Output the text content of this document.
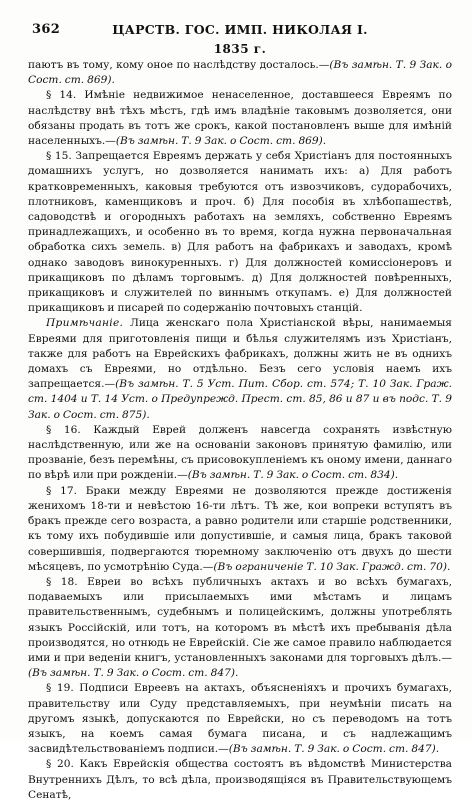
362	ЦАРСТВ. ГОС. ИМП. НИКОЛАЯ I.
1835 г.

паютъ въ тому, кому оное по наслѣдству досталось.—(Въ замѣн. Т. 9 Зак. о Сост. ст. 869).

§ 14. Имѣніе недвижимое ненаселенное, доставшееся Евреямъ по наслѣдству внѣ тѣхъ мѣстъ, гдѣ имъ владѣніе таковымъ дозволяется, они обязаны продать въ тотъ же срокъ, какой постановленъ выше для имѣній населенныхъ.—(Въ замѣн. Т. 9 Зак. о Сост. ст. 869).

§ 15. Запрещается Евреямъ держать у себя Христіанъ для постоянныхъ домашнихъ услугъ, но дозволяется нанимать ихъ: а) Для работъ кратковременныхъ, каковыя требуются отъ извозчиковъ, судорабочихъ, плотниковъ, каменщиковъ и проч. б) Для пособія въ хлѣбопашествѣ, садоводствѣ и огородныхъ работахъ на земляхъ, собственно Евреямъ принадлежащихъ, и особенно въ то время, когда нужна первоначальная обработка сихъ земель. в) Для работъ на фабрикахъ и заводахъ, кромѣ однако заводовъ винокуренныхъ. г) Для должностей комиссіонеровъ и прикащиковъ по дѣламъ торговымъ. д) Для должностей повѣренныхъ, прикащиковъ и служителей по виннымъ откупамъ. е) Для должностей прикащиковъ и писарей по содержанію почтовыхъ станцій.

Примѣчаніе. Лица женскаго пола Христіанской вѣры, нанимаемыя Евреями для приготовленія пищи и бѣлья служителямъ изъ Христіанъ, также для работъ на Еврейскихъ фабрикахъ, должны жить не въ однихъ домахъ съ Евреями, но отдѣльно. Безъ сего условія наемъ ихъ запрещается.—(Въ замѣн. Т. 5 Уст. Пит. Сбор. ст. 574; Т. 10 Зак. Граж. ст. 1404 и Т. 14 Уст. о Предупрежд. Прест. ст. 85, 86 и 87 и въ подс. Т. 9 Зак. о Сост. ст. 875).

§ 16. Каждый Еврей долженъ навсегда сохранять извѣстную наслѣдственную, или же на основаніи законовъ принятую фамилію, или прозваніе, безъ перемѣны, съ присовокупленіемъ къ оному имени, даннаго по вѣрѣ или при рожденіи.—(Въ замѣн. Т. 9 Зак. о Сост. ст. 834).

§ 17. Браки между Евреями не дозволяются прежде достиженія женихомъ 18-ти и невѣстою 16-ти лѣтъ. Тѣ же, кои вопреки вступятъ въ бракъ прежде сего возраста, а равно родители или старшіе родственники, къ тому ихъ побудившіе или допустившіе, и самыя лица, бракъ таковой совершившія, подвергаются тюремному заключенію отъ двухъ до шести мѣсяцевъ, по усмотрѣнію Суда.—(Въ ограниченіе Т. 10 Зак. Гражд. ст. 70).

§ 18. Евреи во всѣхъ публичныхъ актахъ и во всѣхъ бумагахъ, подаваемыхъ или присылаемыхъ ими мѣстамъ и лицамъ правительственнымъ, судебнымъ и полицейскимъ, должны употреблять языкъ Россійскій, или тотъ, на которомъ въ мѣстѣ ихъ пребыванія дѣла производятся, но отнюдь не Еврейскій. Сіе же самое правило наблюдается ими и при веденіи книгъ, установленныхъ законами для торговыхъ дѣлъ.—(Въ замѣн. Т. 9 Зак. о Сост. ст. 847).

§ 19. Подписи Евреевъ на актахъ, объясненіяхъ и прочихъ бумагахъ, правительству или Суду представляемыхъ, при неумѣніи писать на другомъ языкѣ, допускаются по Еврейски, но съ переводомъ на тотъ языкъ, на коемъ самая бумага писана, и съ надлежащимъ засвидѣтельствованіемъ подписи.—(Въ замѣн. Т. 9 Зак. о Сост. ст. 847).

§ 20. Какъ Еврейскія общества состоятъ въ вѣдомствѣ Министерства Внутреннихъ Дѣлъ, то всѣ дѣла, производящіяся въ Правительствующемъ Сенатѣ,
